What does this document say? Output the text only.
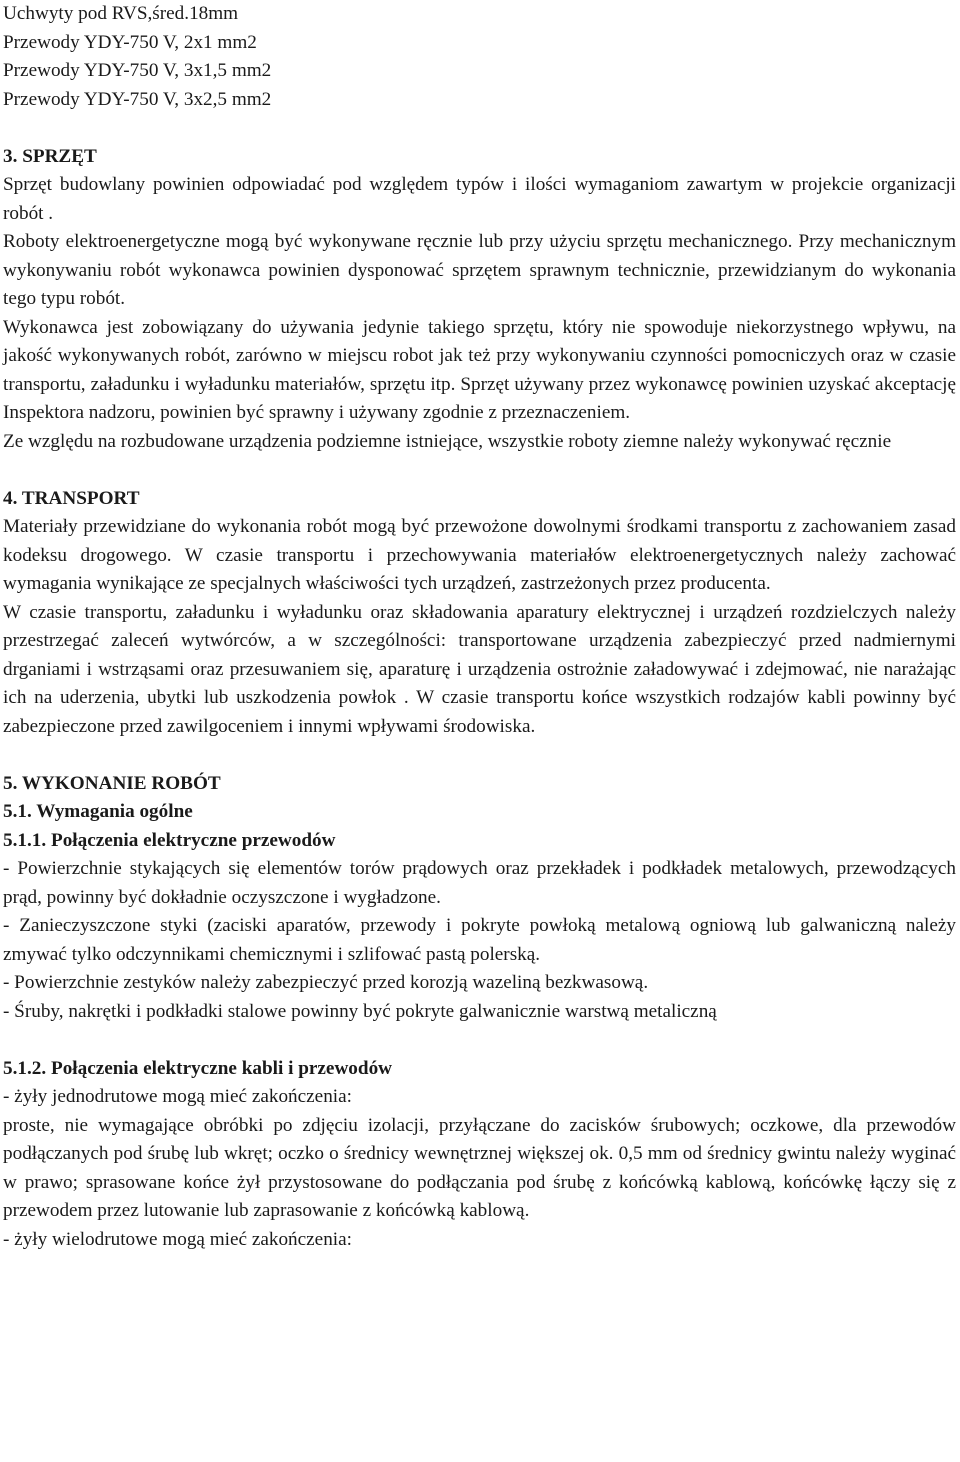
Uchwyty pod RVS,śred.18mm
Przewody YDY-750 V, 2x1 mm2
Przewody YDY-750 V, 3x1,5 mm2
Przewody YDY-750 V, 3x2,5 mm2
3. SPRZĘT

Sprzęt budowlany powinien odpowiadać pod względem typów i ilości wymaganiom zawartym w projekcie organizacji robót .

Roboty elektroenergetyczne mogą być wykonywane ręcznie lub przy użyciu sprzętu mechanicznego. Przy mechanicznym wykonywaniu robót wykonawca powinien dysponować sprzętem sprawnym technicznie, przewidzianym do wykonania tego typu robót.

Wykonawca jest zobowiązany do używania jedynie takiego sprzętu, który nie spowoduje niekorzystnego wpływu, na jakość wykonywanych robót, zarówno w miejscu robot jak też przy wykonywaniu czynności pomocniczych oraz w czasie transportu, załadunku i wyładunku materiałów, sprzętu itp. Sprzęt używany przez wykonawcę powinien uzyskać akceptację Inspektora nadzoru, powinien być sprawny i używany zgodnie z przeznaczeniem.

Ze względu na rozbudowane urządzenia podziemne istniejące, wszystkie roboty ziemne należy wykonywać ręcznie

4. TRANSPORT

Materiały przewidziane do wykonania robót mogą być przewożone dowolnymi środkami transportu z zachowaniem zasad kodeksu drogowego. W czasie transportu i przechowywania materiałów elektroenergetycznych należy zachować wymagania wynikające ze specjalnych właściwości tych urządzeń, zastrzeżonych przez producenta.

W czasie transportu, załadunku i wyładunku oraz składowania aparatury elektrycznej i urządzeń rozdzielczych należy przestrzegać zaleceń wytwórców, a w szczególności: transportowane urządzenia zabezpieczyć przed nadmiernymi drganiami i wstrząsami oraz przesuwaniem się, aparaturę i urządzenia ostrożnie załadowywać i zdejmować, nie narażając ich na uderzenia, ubytki lub uszkodzenia powłok . W czasie transportu końce wszystkich rodzajów kabli powinny być zabezpieczone przed zawilgoceniem i innymi wpływami środowiska.

5. WYKONANIE ROBÓT
5.1. Wymagania ogólne
5.1.1. Połączenia elektryczne przewodów

- Powierzchnie stykających się elementów torów prądowych oraz przekładek i podkładek metalowych, przewodzących prąd, powinny być dokładnie oczyszczone i wygładzone.

- Zanieczyszczone styki (zaciski aparatów, przewody i pokryte powłoką metalową ogniową lub galwaniczną należy zmywać tylko odczynnikami chemicznymi i szlifować pastą polerską.

- Powierzchnie zestyków należy zabezpieczyć przed korozją wazeliną bezkwasową.

- Śruby, nakrętki i podkładki stalowe powinny być pokryte galwanicznie warstwą metaliczną

5.1.2. Połączenia elektryczne kabli i przewodów
- żyły jednodrutowe mogą mieć zakończenia:

proste, nie wymagające obróbki po zdjęciu izolacji, przyłączane do zacisków śrubowych; oczkowe, dla przewodów podłączanych pod śrubę lub wkręt; oczko o średnicy wewnętrznej większej ok. 0,5 mm od średnicy gwintu należy wyginać w prawo; sprasowane końce żył przystosowane do podłączania pod śrubę z końcówką kablową, końcówkę łączy się z przewodem przez lutowanie lub zaprasowanie z końcówką kablową.

- żyły wielodrutowe mogą mieć zakończenia:
